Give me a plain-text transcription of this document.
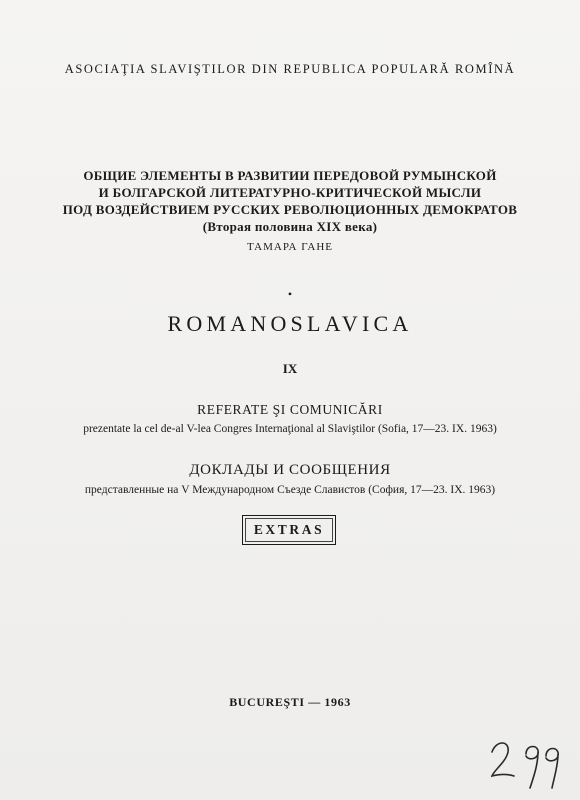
ASOCIAŢIA SLAVIŞTILOR DIN REPUBLICA POPULARĂ ROMÎNĂ
ОБЩИЕ ЭЛЕМЕНТЫ В РАЗВИТИИ ПЕРЕДОВОЙ РУМЫНСКОЙ
И БОЛГАРСКОЙ ЛИТЕРАТУРНО-КРИТИЧЕСКОЙ МЫСЛИ
ПОД ВОЗДЕЙСТВИЕМ РУССКИХ РЕВОЛЮЦИОННЫХ ДЕМОКРАТОВ
(Вторая половина XIX века)
ТАМАРА ГАНЕ
•
ROMANOSLAVICA
IX
REFERATE ŞI COMUNICĂRI
prezentate la cel de-al V-lea Congres Internaţional al Slaviştilor (Sofia, 17—23. IX. 1963)
ДОКЛАДЫ И СООБЩЕНИЯ
представленные на V Международном Съезде Славистов (София, 17—23. IX. 1963)
EXTRAS
BUCUREŞTI — 1963
